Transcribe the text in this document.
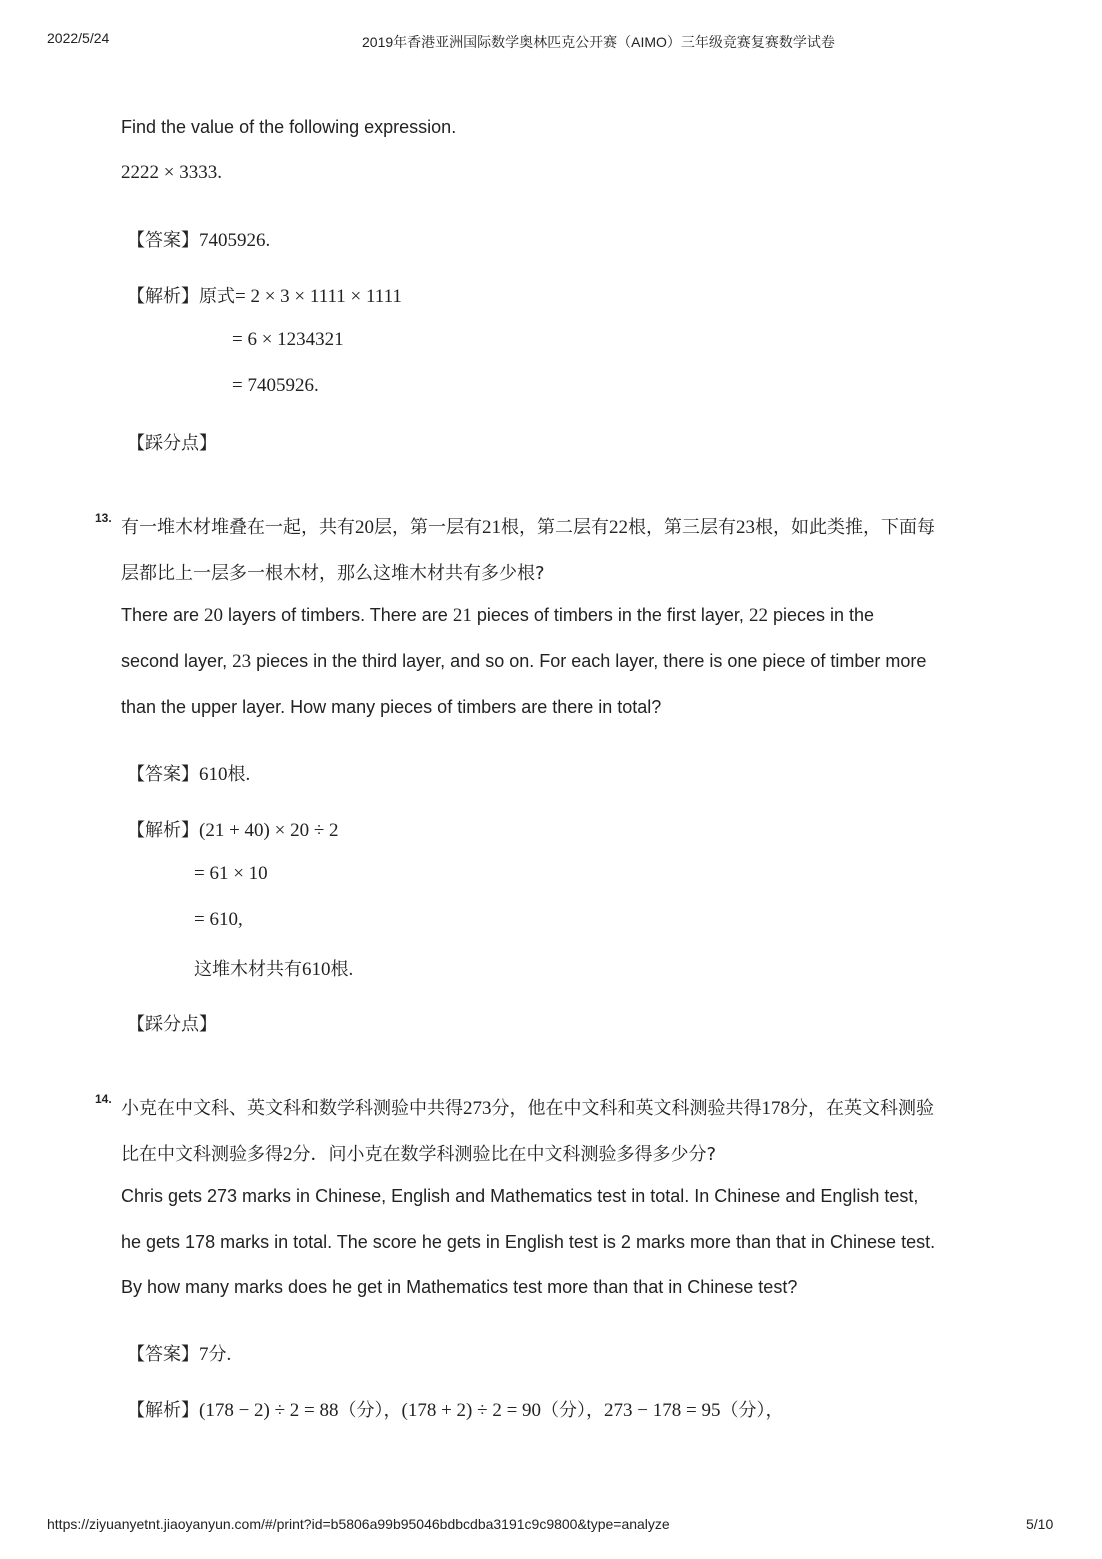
2022/5/24	2019年香港亚洲国际数学奥林匹克公开赛（AIMO）三年级竞赛复赛数学试卷
Find the value of the following expression.
2222 × 3333.
【答案】7405926.
【解析】原式= 2 × 3 × 1111 × 1111
= 6 × 1234321
= 7405926.
【踩分点】
13. 有一堆木材堆叠在一起，共有20层，第一层有21根，第二层有22根，第三层有23根，如此类推，下面每
层都比上一层多一根木材，那么这堆木材共有多少根?
There are 20 layers of timbers. There are 21 pieces of timbers in the first layer, 22 pieces in the
second layer, 23 pieces in the third layer, and so on. For each layer, there is one piece of timber more
than the upper layer. How many pieces of timbers are there in total?
【答案】610根.
【解析】(21 + 40) × 20 ÷ 2
= 61 × 10
= 610,
这堆木材共有610根.
【踩分点】
14. 小克在中文科、英文科和数学科测验中共得273分，他在中文科和英文科测验共得178分，在英文科测验
比在中文科测验多得2分．问小克在数学科测验比在中文科测验多得多少分?
Chris gets 273 marks in Chinese, English and Mathematics test in total. In Chinese and English test,
he gets 178 marks in total. The score he gets in English test is 2 marks more than that in Chinese test.
By how many marks does he get in Mathematics test more than that in Chinese test?
【答案】7分.
【解析】(178 − 2) ÷ 2 = 88（分），(178 + 2) ÷ 2 = 90（分），273 − 178 = 95（分），
https://ziyuanyetnt.jiaoyanyun.com/#/print?id=b5806a99b95046bdbcdba3191c9c9800&type=analyze	5/10
